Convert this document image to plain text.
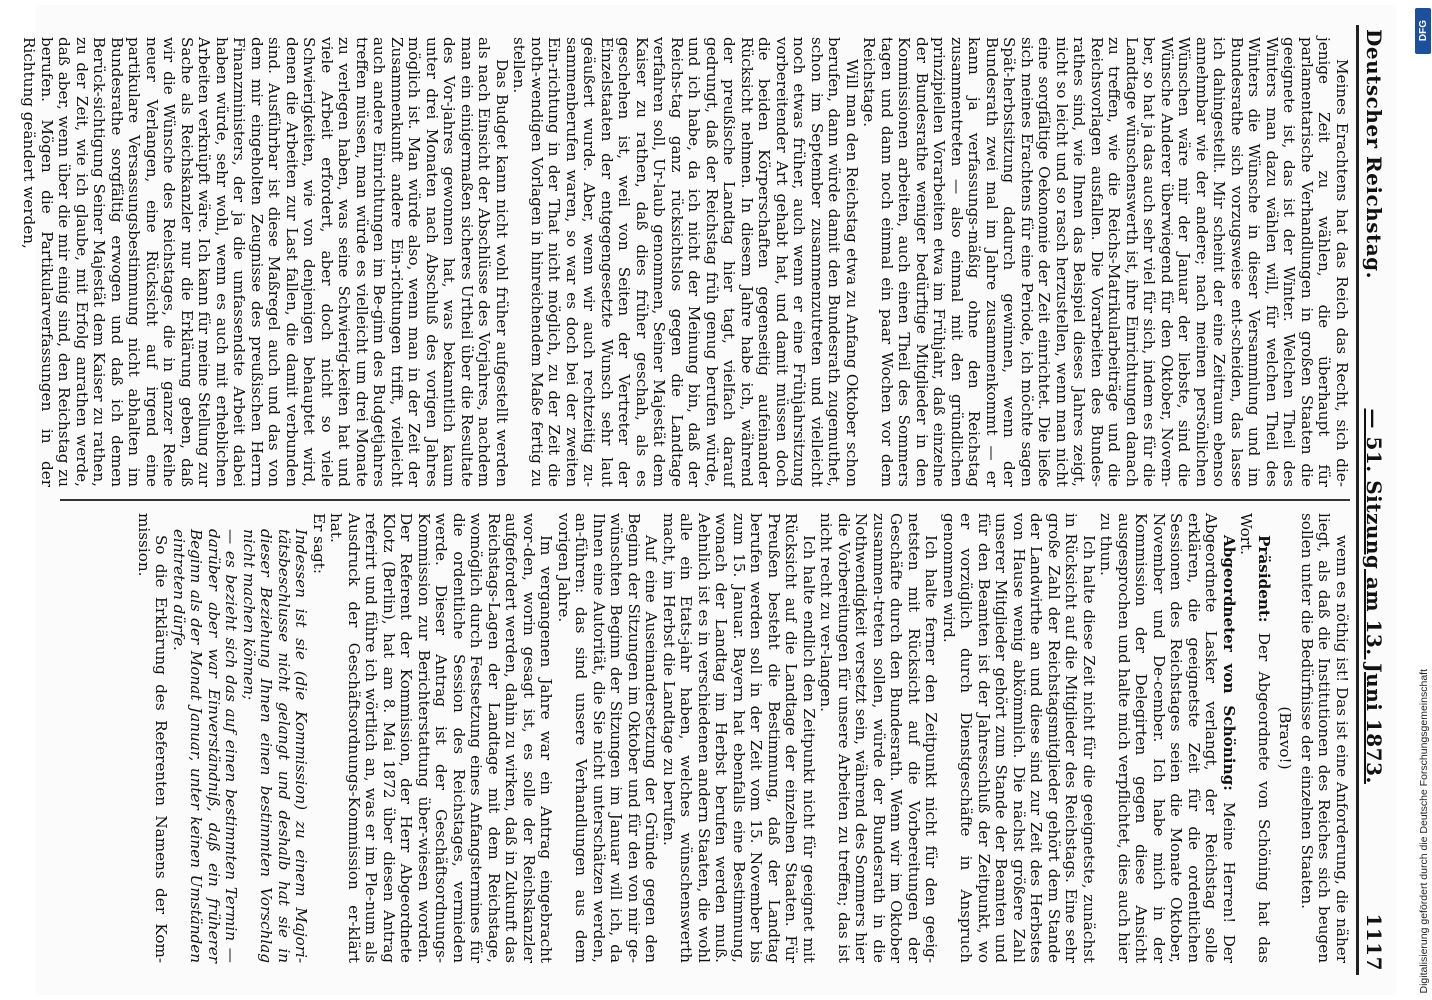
Deutscher Reichstag.
— 51. Sitzung am 13. Juni 1873.
1117

Meines Erachtens hat das Reich das Recht, sich die-jenige Zeit zu wählen, die überhaupt für parlamentarische Verhandlungen in großen Staaten die geeignete ist, das ist der Winter. Welchen Theil des Winters man dazu wählen will, für welchen Theil des Winters die Wünsche in dieser Versammlung und im Bundesrathe sich vorzugsweise ent-scheiden, das lasse ich dahingestellt. Mir scheint der eine Zeitraum ebenso annehmbar wie der andere; nach meinen persönlichen Wünschen wäre mir der Januar der liebste, sind die Wünsche Anderer überwiegend für den Oktober, Novem-ber, so hat ja das auch sehr viel für sich, indem es für die Landtage wünschenswerth ist, ihre Einrichtungen danach zu treffen, wie die Reichs-Matrikularbeiträge und die Reichsvorlagen ausfallen. Die Vorarbeiten des Bundes-rathes sind, wie Ihnen das Beispiel dieses Jahres zeigt, nicht so leicht und so rasch herzustellen, wenn man nicht eine sorgfältige Oekonomie der Zeit einrichtet. Die ließe sich meines Erachtens für eine Periode, ich möchte sagen Spät-herbstsitzung dadurch gewinnen, wenn der Bundesrath zwei mal im Jahre zusammenkommt — er kann ja verfassungs-mäßig ohne den Reichstag zusammentreten — also einmal mit den gründlichen prinzipiellen Vorarbeiten etwa im Frühjahr, daß einzelne der Bundesrathe weniger bedürftige Mitglieder in den Kommissionen arbeiten, auch einen Theil des Sommers tagen und dann noch einmal ein paar Wochen vor dem Reichstage.

Will man den Reichstag etwa zu Anfang Oktober schon berufen, dann würde damit den Bundesrath zugemuthet, schon im September zusammenzutreten und vielleicht noch etwas früher, auch wenn er eine Frühjahrsitzung vorbereitender Art gehabt hat, und damit müssen doch die beiden Körperschaften gegenseitig aufeinander Rücksicht nehmen. In diesem Jahre habe ich, während der preußische Landtag hier tagt, vielfach darauf gedrungt, daß der Reichstag früh genug berufen würde, und ich habe, da ich nicht der Meinung bin, daß der Reichs-tag ganz rücksichtslos gegen die Landtage verfahren soll, Ur-laub genommen, Seiner Majestät dem Kaiser zu rathen, daß dies früher geschah, als es geschehen ist, weil von Seiten der Vertreter der Einzelstaaten der entgegengesetzte Wunsch sehr laut geäußert wurde. Aber, wenn wir auch rechtzeitig zu-sammenberufen waren, so war es doch bei der zweiten Ein-richtung in der That nicht möglich, zu der Zeit die noth-wendigen Vorlagen in hinreichendem Maße fertig zu stellen.

Das Budget kann nicht wohl früher aufgestellt werden als nach Einsicht der Abschlüsse des Vorjahres, nachdem man ein einigermaßen sicheres Urtheil über die Resultate des Vor-jahres gewonnen hat, was bekanntlich kaum unter drei Monaten nach Abschluß des vorigen Jahres möglich ist. Man würde also, wenn man in der Zeit der Zusammenkunft andere Ein-richtungen trifft, vielleicht auch andere Einrichtungen im Be-ginn des Budgetjahres treffen müssen, man würde es vielleicht um drei Monate zu verlegen haben, was seine Schwierig-keiten hat und viele Arbeit erfordert, aber doch nicht so viele Schwierigkeiten, wie von denjenigen behauptet wird, denen die Arbeiten zur Last fallen, die damit verbunden sind. Ausführbar ist diese Maßregel auch und das von dem mir eingeholten Zeugnisse des preußischen Herrn Finanzministers, der ja die umfassendste Arbeit dabei haben würde, sehr wohl, wenn es auch mit erheblichen Arbeiten verknüpft wäre. Ich kann für meine Stellung zur Sache als Reichskanzler nur die Erklärung geben, daß wir die Wünsche des Reichstages, die in ganzer Reihe neuer Verlangen, eine Rücksicht auf irgend eine partikulare Versassungsbestimmung nicht abhalten im Bundesrathe sorgfältig erwogen und daß ich demen Berück-sichtigung Seiner Majestät dem Kaiser zu rathen, zu der Zeit, wie ich glaube, mit Erfolg anrathen werde, daß aber, wenn über die mir einig sind, den Reichstag zu berufen. Mögen die Partikularverfassungen in der Richtung geändert werden,

wenn es nöthig ist! Das ist eine Anforderung, die näher liegt, als daß die Institutionen des Reiches sich beugen sollen unter die Bedürfnisse der einzelnen Staaten.

(Bravo!)

Präsident: Der Abgeordnete von Schöning hat das Wort.

Abgeordneter von Schöning: Meine Herren! Der Abgeordnete Lasker verlangt, der Reichstag solle erklären, die geeignetste Zeit für die ordentlichen Sessionen des Reichstages seien die Monate Oktober, November und De-cember. Ich habe mich in der Kommission der Delegirten gegen diese Ansicht ausgesprochen und halte mich verpflichtet, dies auch hier zu thun.

Ich halte diese Zeit nicht für die geeignetste, zunächst in Rücksicht auf die Mitglieder des Reichstags. Eine sehr große Zahl der Reichstagsmitglieder gehört dem Stande der Landwirthe an und diese sind zur Zeit des Herbstes von Hause wenig abkömmlich. Die nächst größere Zahl unserer Mitglieder gehört zum Stande der Beamten und für den Beamten ist der Jahresschluß der Zeitpunkt, wo er vorzüglich durch Dienstgeschäfte in Anspruch genommen wird.

Ich halte ferner den Zeitpunkt nicht für den geeig-netsten mit Rücksicht auf die Vorbereitungen der Geschäfte durch den Bundesrath. Wenn wir im Oktober zusammen-treten sollen, würde der Bundesrath in die Nothwendigkeit versetzt sein, während des Sommers hier die Vorbereitungen für unsere Arbeiten zu treffen; das ist nicht recht zu ver-langen.

Ich halte endlich den Zeitpunkt nicht für geeignet mit Rücksicht auf die Landtage der einzelnen Staaten. Für Preußen besteht die Bestimmung, daß der Landtag berufen werden soll in der Zeit vom 15. November bis zum 15. Januar. Bayern hat ebenfalls eine Bestimmung, wonach der Landtag im Herbst berufen werden muß. Aehnlich ist es in verschiedenen andern Staaten, die wohl alle ein Etats-jahr haben, welches wünschenswerth macht, im Herbst die Landtage zu berufen.

Auf eine Auseinandersetzung der Gründe gegen den Beginn der Sitzungen im Oktober und für den von mir ge-wünschten Beginn der Sitzungen im Januar will ich, da Ihnen eine Autorität, die Sie nicht unterschätzen werden, an-führen: das sind unsere Verhandlungen aus dem vorigen Jahre.

Im vergangenen Jahre war ein Antrag eingebracht wor-den, worin gesagt ist, es solle der Reichskanzler aufgefordert werden, dahin zu wirken, daß in Zukunft das Reichstags-Lagen der Landtage mit dem Reichstage, womöglich durch Festsetzung eines Anfangstermines für die ordentliche Session des Reichstages, vermieden werde. Dieser Antrag ist der Geschäftsordnungs-Kommission zur Berichterstattung über-wiesen worden. Der Referent der Kommission, der Herr Abgeordnete Klotz (Berlin), hat am 8. Mai 1872 über diesen Antrag referirt und führe ich wörtlich an, was er im Ple-num als Ausdruck der Geschäftsordnungs-Kommission er-klärt hat.

Er sagt:

Indessen ist sie (die Kommission) zu einem Majori-tätsbeschlusse nicht gelangt und deshalb hat sie in dieser Beziehung Ihnen einen bestimmten Vorschlag nicht machen können;

— es bezieht sich das auf einen bestimmten Termin — darüber aber war Einverständniß, daß ein früherer Beginn als der Monat Januar, unter keinen Umständen eintreten dürfe.

So die Erklärung des Referenten Namens der Kom-mission.

DFG
Digitalisierung gefördert durch die Deutsche Forschungsgemeinschaft
